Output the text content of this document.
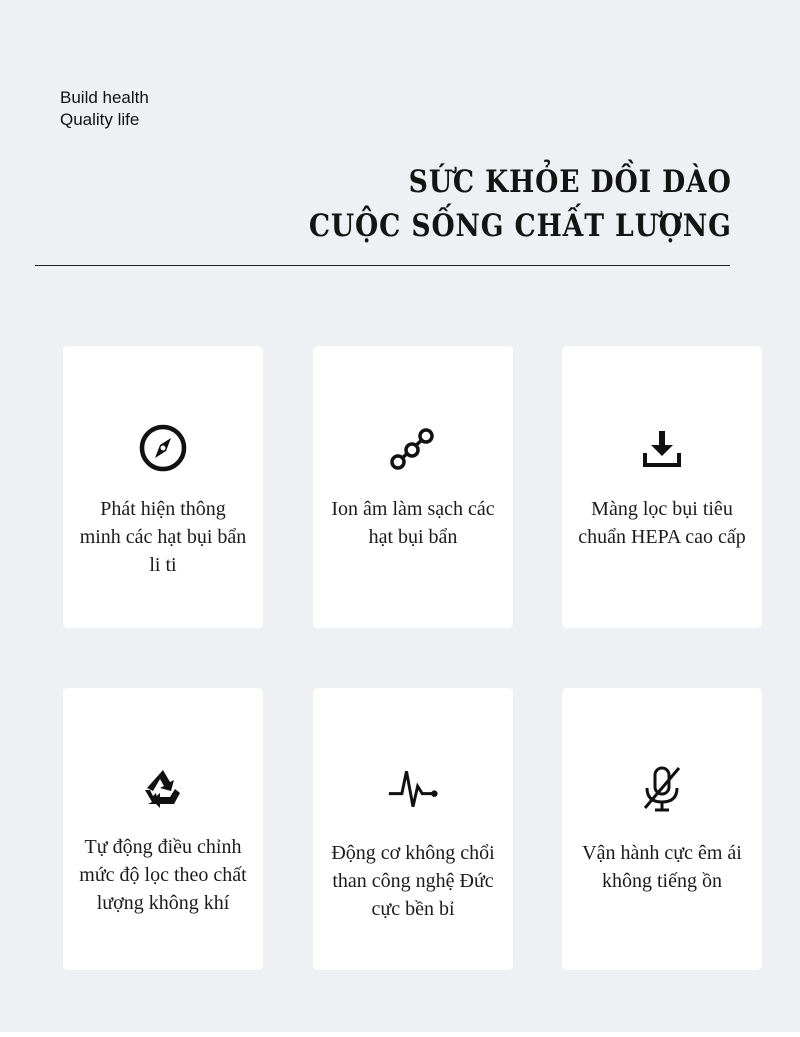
Build health
Quality life
SỨC KHỎE DỒI DÀO
CUỘC SỐNG CHẤT LƯỢNG
Phát hiện thông minh các hạt bụi bẩn li ti
Ion âm làm sạch các hạt bụi bẩn
Màng lọc bụi tiêu chuẩn HEPA cao cấp
Tự động điều chỉnh mức độ lọc theo chất lượng không khí
Động cơ không chổi than công nghệ Đức cực bền bỉ
Vận hành cực êm ái không tiếng ồn
